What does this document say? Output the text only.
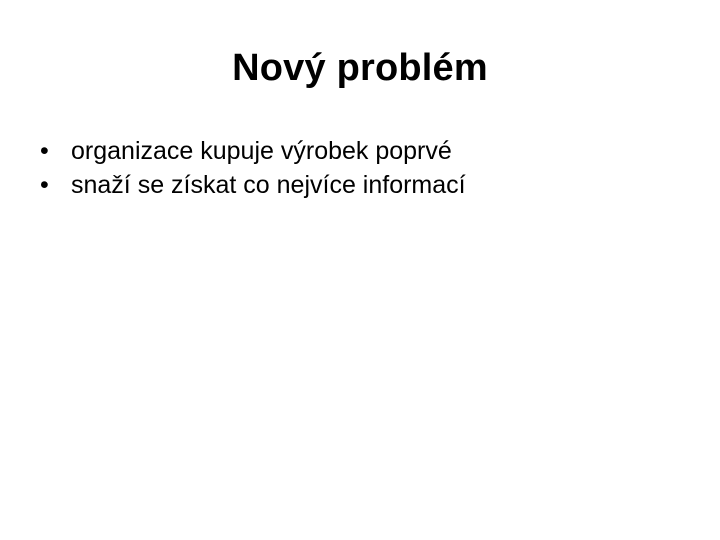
Nový problém
• organizace kupuje výrobek poprvé
• snaží se získat co nejvíce informací
